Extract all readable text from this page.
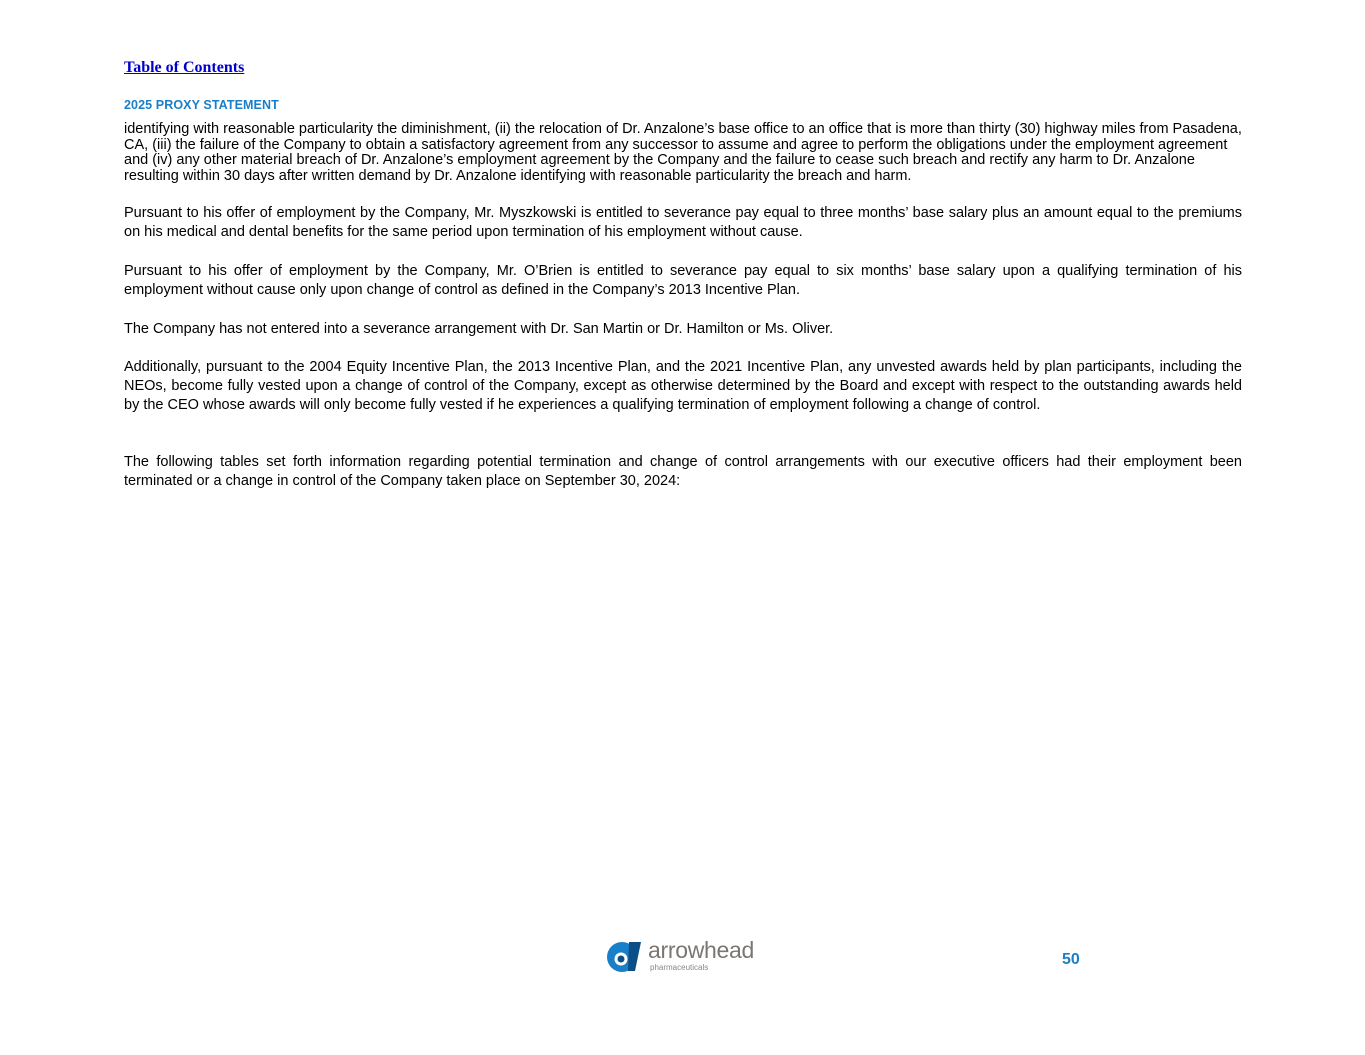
Table of Contents
2025 PROXY STATEMENT

identifying with reasonable particularity the diminishment, (ii) the relocation of Dr. Anzalone’s base office to an office that is more than thirty (30) highway miles from Pasadena, CA, (iii) the failure of the Company to obtain a satisfactory agreement from any successor to assume and agree to perform the obligations under the employment agreement and (iv) any other material breach of Dr. Anzalone’s employment agreement by the Company and the failure to cease such breach and rectify any harm to Dr. Anzalone resulting within 30 days after written demand by Dr. Anzalone identifying with reasonable particularity the breach and harm.

Pursuant to his offer of employment by the Company, Mr. Myszkowski is entitled to severance pay equal to three months’ base salary plus an amount equal to the premiums on his medical and dental benefits for the same period upon termination of his employment without cause.

Pursuant to his offer of employment by the Company, Mr. O’Brien is entitled to severance pay equal to six months’ base salary upon a qualifying termination of his employment without cause only upon change of control as defined in the Company’s 2013 Incentive Plan.

The Company has not entered into a severance arrangement with Dr. San Martin or Dr. Hamilton or Ms. Oliver.

Additionally, pursuant to the 2004 Equity Incentive Plan, the 2013 Incentive Plan, and the 2021 Incentive Plan, any unvested awards held by plan participants, including the NEOs, become fully vested upon a change of control of the Company, except as otherwise determined by the Board and except with respect to the outstanding awards held by the CEO whose awards will only become fully vested if he experiences a qualifying termination of employment following a change of control.

The following tables set forth information regarding potential termination and change of control arrangements with our executive officers had their employment been terminated or a change in control of the Company taken place on September 30, 2024:

arrowhead
pharmaceuticals	50
